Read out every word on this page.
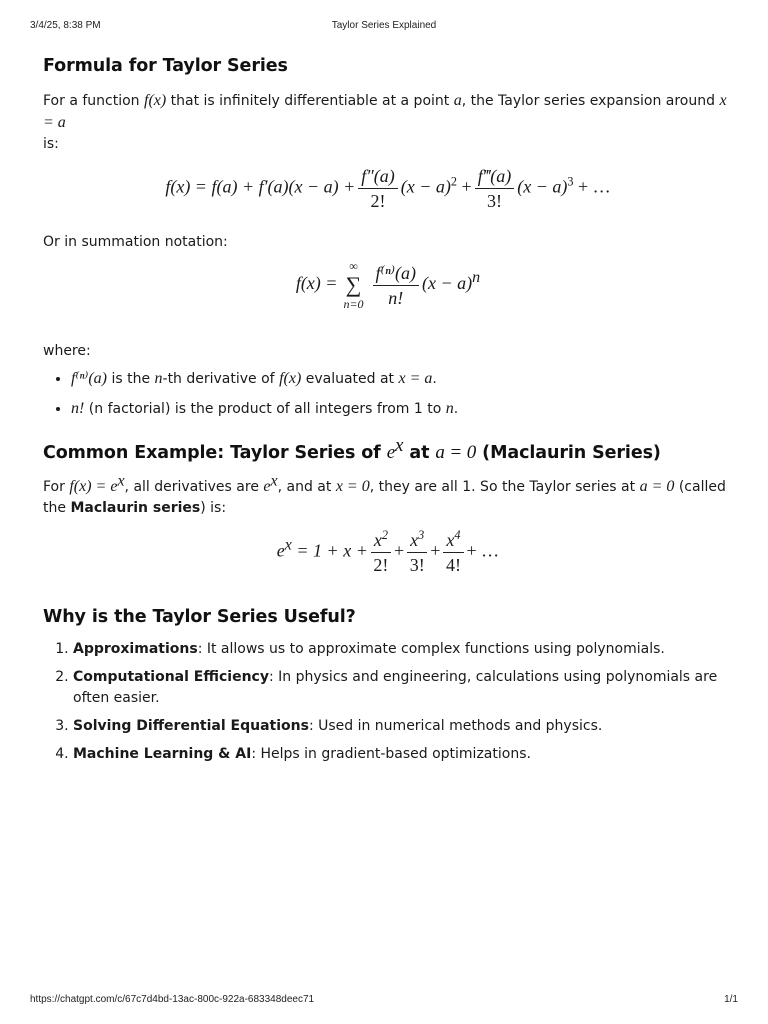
3/4/25, 8:38 PM	Taylor Series Explained
Formula for Taylor Series

For a function f(x) that is infinitely differentiable at a point a, the Taylor series expansion around x = a
is:

$f(x) = f(a) + f'(a)(x - a) + \frac{f''(a)}{2!} (x - a)^2 + \frac{f‴(a)}{3!} (x - a)^3$ + …

Or in summation notation:

f(x) =
∞
∑
$n=0 \frac{\text{f⁽ⁿ⁾(a)}}{n!} (x - a)^n$

where:

• f⁽ⁿ⁾(a) is the n-th derivative of f(x) evaluated at x = a.
• n! (n factorial) is the product of all integers from 1 to n.
Common Example: Taylor Series of $e^x$ at a = 0 (Maclaurin Series)

For $f(x) = e^x$, all derivatives are $e^x$, and at x = 0, they are all 1. So the Taylor series at a = 0 (called the Maclaurin series) is:

$e^x = 1 + x + \frac{x^2}{2!} + \frac{x^3}{3!} + \frac{x^4}{4!}$ + …
Why is the Taylor Series Useful?
1. Approximations: It allows us to approximate complex functions using polynomials.
2. Computational Efficiency: In physics and engineering, calculations using polynomials are often easier.
3. Solving Differential Equations: Used in numerical methods and physics.
4. Machine Learning & AI: Helps in gradient-based optimizations.
https://chatgpt.com/c/67c7d4bd-13ac-800c-922a-683348deec71	1/1
